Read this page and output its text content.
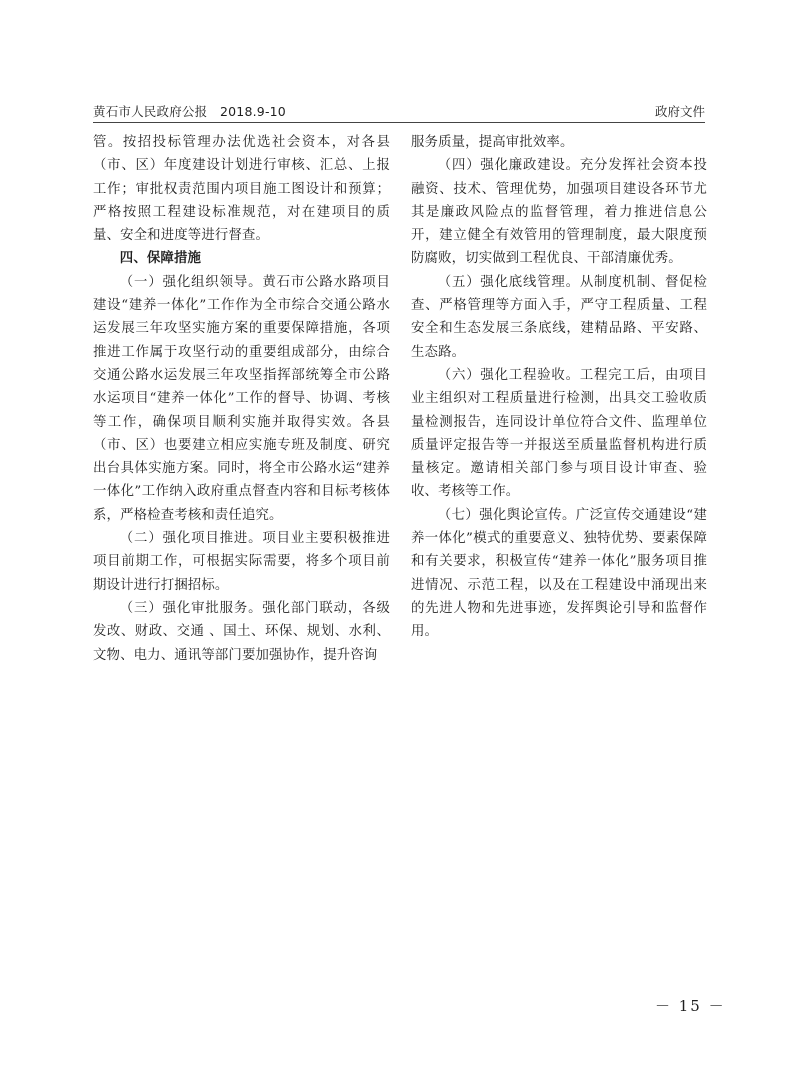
黄石市人民政府公报　2018.9-10	政府文件

管。按招投标管理办法优选社会资本，对各县（市、区）年度建设计划进行审核、汇总、上报工作；审批权责范围内项目施工图设计和预算；严格按照工程建设标准规范，对在建项目的质量、安全和进度等进行督查。

四、保障措施

（一）强化组织领导。黄石市公路水路项目建设“建养一体化”工作作为全市综合交通公路水运发展三年攻坚实施方案的重要保障措施，各项推进工作属于攻坚行动的重要组成部分，由综合交通公路水运发展三年攻坚指挥部统筹全市公路水运项目“建养一体化”工作的督导、协调、考核等工作，确保项目顺利实施并取得实效。各县（市、区）也要建立相应实施专班及制度、研究出台具体实施方案。同时，将全市公路水运“建养一体化”工作纳入政府重点督查内容和目标考核体系，严格检查考核和责任追究。

（二）强化项目推进。项目业主要积极推进项目前期工作，可根据实际需要，将多个项目前期设计进行打捆招标。

（三）强化审批服务。强化部门联动，各级发改、财政、交通 、国土、环保、规划、水利、文物、电力、通讯等部门要加强协作，提升咨询

服务质量，提高审批效率。

（四）强化廉政建设。充分发挥社会资本投融资、技术、管理优势，加强项目建设各环节尤其是廉政风险点的监督管理，着力推进信息公开，建立健全有效管用的管理制度，最大限度预防腐败，切实做到工程优良、干部清廉优秀。

（五）强化底线管理。从制度机制、督促检查、严格管理等方面入手，严守工程质量、工程安全和生态发展三条底线，建精品路、平安路、生态路。

（六）强化工程验收。工程完工后，由项目业主组织对工程质量进行检测，出具交工验收质量检测报告，连同设计单位符合文件、监理单位质量评定报告等一并报送至质量监督机构进行质量核定。邀请相关部门参与项目设计审查、验收、考核等工作。

（七）强化舆论宣传。广泛宣传交通建设“建养一体化”模式的重要意义、独特优势、要素保障和有关要求，积极宣传“建养一体化”服务项目推进情况、示范工程，以及在工程建设中涌现出来的先进人物和先进事迹，发挥舆论引导和监督作用。

－ 15 －
